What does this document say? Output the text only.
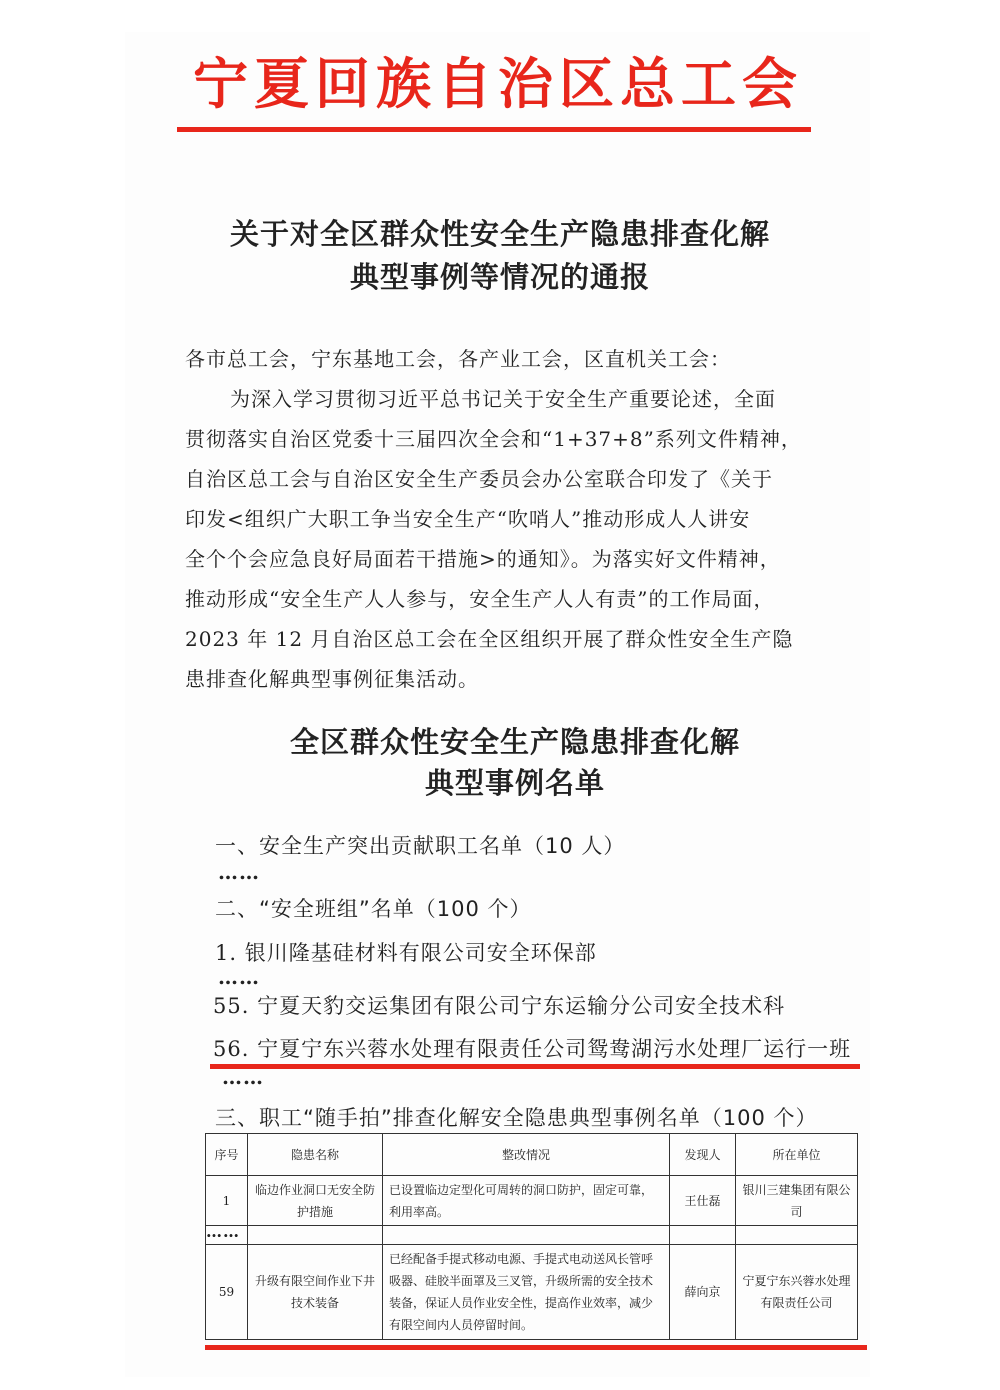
宁夏回族自治区总工会
关于对全区群众性安全生产隐患排查化解
典型事例等情况的通报
各市总工会，宁东基地工会，各产业工会，区直机关工会：
为深入学习贯彻习近平总书记关于安全生产重要论述，全面
贯彻落实自治区党委十三届四次全会和“1+37+8”系列文件精神，
自治区总工会与自治区安全生产委员会办公室联合印发了《关于
印发<组织广大职工争当安全生产“吹哨人”推动形成人人讲安
全个个会应急良好局面若干措施>的通知》。为落实好文件精神，
推动形成“安全生产人人参与，安全生产人人有责”的工作局面，
2023 年 12 月自治区总工会在全区组织开展了群众性安全生产隐
患排查化解典型事例征集活动。
全区群众性安全生产隐患排查化解
典型事例名单
一、安全生产突出贡献职工名单（10 人）
……
二、“安全班组”名单（100 个）
1. 银川隆基硅材料有限公司安全环保部
……
55. 宁夏天豹交运集团有限公司宁东运输分公司安全技术科
56. 宁夏宁东兴蓉水处理有限责任公司鸳鸯湖污水处理厂运行一班
……
三、职工“随手拍”排查化解安全隐患典型事例名单（100 个）
序号	隐患名称	整改情况	发现人	所在单位
1	临边作业洞口无安全防护措施	已设置临边定型化可周转的洞口防护，固定可靠，利用率高。	王仕磊	银川三建集团有限公司

59	升级有限空间作业下井技术装备	已经配备手提式移动电源、手提式电动送风长管呼吸器、硅胶半面罩及三叉管，升级所需的安全技术装备，保证人员作业安全性，提高作业效率，减少有限空间内人员停留时间。	薛向京	宁夏宁东兴蓉水处理有限责任公司
……
